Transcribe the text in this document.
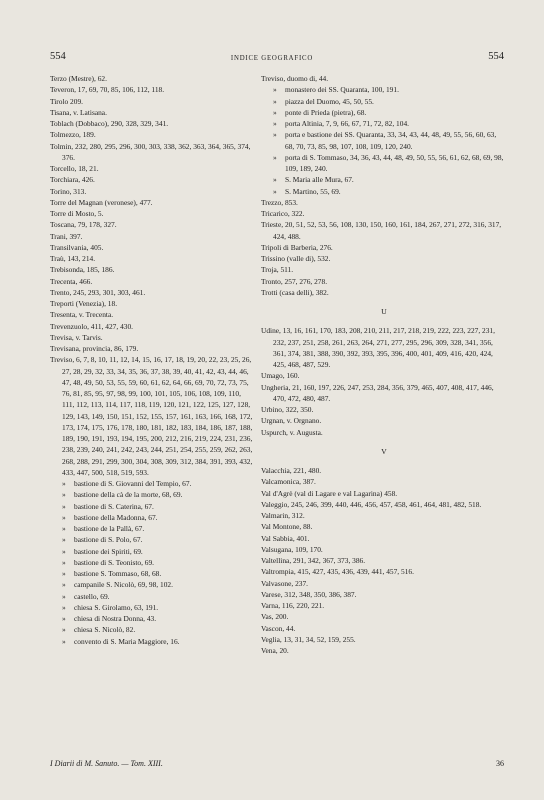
554	INDICE GEOGRAFICO	554
Terzo (Mestre), 62.
Teveron, 17, 69, 70, 85, 106, 112, 118.
Tirolo 209.
Tisana, v. Latisana.
Toblach (Dobbaco), 290, 328, 329, 341.
Tolmezzo, 189.
Tolmin, 232, 280, 295, 296, 300, 303, 338, 362, 363, 364, 365, 374, 376.
Torcello, 18, 21.
Torchiara, 426.
Torino, 313.
Torre del Magnan (veronese), 477.
Torre di Mosto, 5.
Toscana, 79, 178, 327.
Trani, 397.
Transilvania, 405.
Traù, 143, 214.
Trebisonda, 185, 186.
Trecenta, 466.
Trento, 245, 293, 301, 303, 461.
Treporti (Venezia), 18.
Tresenta, v. Trecenta.
Trevenzuolo, 411, 427, 430.
Trevisa, v. Tarvis.
Trevisana, provincia, 86, 179.
Treviso, 6, 7, 8, 10, 11, 12, 14, 15, 16, 17, 18, 19, 20, 22, 23, 25, 26, 27, 28, 29, 32, 33, 34, 35, 36, 37, 38, 39, 40, 41, 42, 43, 44, 46, 47, 48, 49, 50, 53, 55, 59, 60, 61, 62, 64, 66, 69, 70, 72, 73, 75, 76, 81, 85, 95, 97, 98, 99, 100, 101, 105, 106, 108, 109, 110, 111, 112, 113, 114, 117, 118, 119, 120, 121, 122, 125, 127, 128, 129, 143, 149, 150, 151, 152, 155, 157, 161, 163, 166, 168, 172, 173, 174, 175, 176, 178, 180, 181, 182, 183, 184, 186, 187, 188, 189, 190, 191, 193, 194, 195, 200, 212, 216, 219, 224, 231, 236, 238, 239, 240, 241, 242, 243, 244, 251, 254, 255, 259, 262, 263, 268, 288, 291, 299, 300, 304, 308, 309, 312, 384, 391, 393, 432, 433, 447, 500, 518, 519, 593.
» bastione di S. Giovanni del Tempio, 67.
» bastione della cà de la morte, 68, 69.
» bastione di S. Caterina, 67.
» bastione della Madonna, 67.
» bastione de la Pallà, 67.
» bastione di S. Polo, 67.
» bastione dei Spiriti, 69.
» bastione di S. Teonisto, 69.
» bastione S. Tommaso, 68, 68.
» campanile S. Nicolò, 69, 98, 102.
» castello, 69.
» chiesa S. Girolamo, 63, 191.
» chiesa di Nostra Donna, 43.
» chiesa S. Nicolò, 82.
» convento di S. Maria Maggiore, 16.
Treviso, duomo di, 44.
» monastero dei SS. Quaranta, 100, 191.
» piazza del Duomo, 45, 50, 55.
» ponte di Prieda (pietra), 68.
» porta Altinia, 7, 9, 66, 67, 71, 72, 82, 104.
» porta e bastione dei SS. Quaranta, 33, 34, 43, 44, 48, 49, 55, 56, 60, 63, 68, 70, 73, 85, 98, 107, 108, 109, 120, 240.
» porta di S. Tommaso, 34, 36, 43, 44, 48, 49, 50, 55, 56, 61, 62, 68, 69, 98, 109, 189, 240.
» S. Maria alle Mura, 67.
» S. Martino, 55, 69.
Trezzo, 853.
Tricarico, 322.
Trieste, 20, 51, 52, 53, 56, 108, 130, 150, 160, 161, 184, 267, 271, 272, 316, 317, 424, 488.
Tripoli di Barberia, 276.
Trissino (valle di), 532.
Troja, 511.
Tronto, 257, 276, 278.
Trotti (casa delli), 382.
U
Udine, 13, 16, 161, 170, 183, 208, 210, 211, 217, 218, 219, 222, 223, 227, 231, 232, 237, 251, 258, 261, 263, 264, 271, 277, 295, 296, 309, 328, 341, 356, 361, 374, 381, 388, 390, 392, 393, 395, 396, 400, 401, 409, 416, 420, 424, 425, 468, 487, 529.
Umago, 160.
Ungheria, 21, 160, 197, 226, 247, 253, 284, 356, 379, 465, 407, 408, 417, 446, 470, 472, 480, 487.
Urbino, 322, 350.
Urgnan, v. Orgnano.
Uspurch, v. Augusta.
V
Valacchia, 221, 480.
Valcamonica, 387.
Val d'Agrè (val di Lagare e val Lagarina) 458.
Valeggio, 245, 246, 399, 440, 446, 456, 457, 458, 461, 464, 481, 482, 518.
Valmarin, 312.
Val Montone, 88.
Val Sabbia, 401.
Valsugana, 109, 170.
Valtellina, 291, 342, 367, 373, 386.
Valtrompia, 415, 427, 435, 436, 439, 441, 457, 516.
Valvasone, 237.
Varese, 312, 348, 350, 386, 387.
Varna, 116, 220, 221.
Vas, 200.
Vascon, 44.
Veglia, 13, 31, 34, 52, 159, 255.
Vena, 20.
I Diarii di M. Sanuto. — Tom. XIII.	36
